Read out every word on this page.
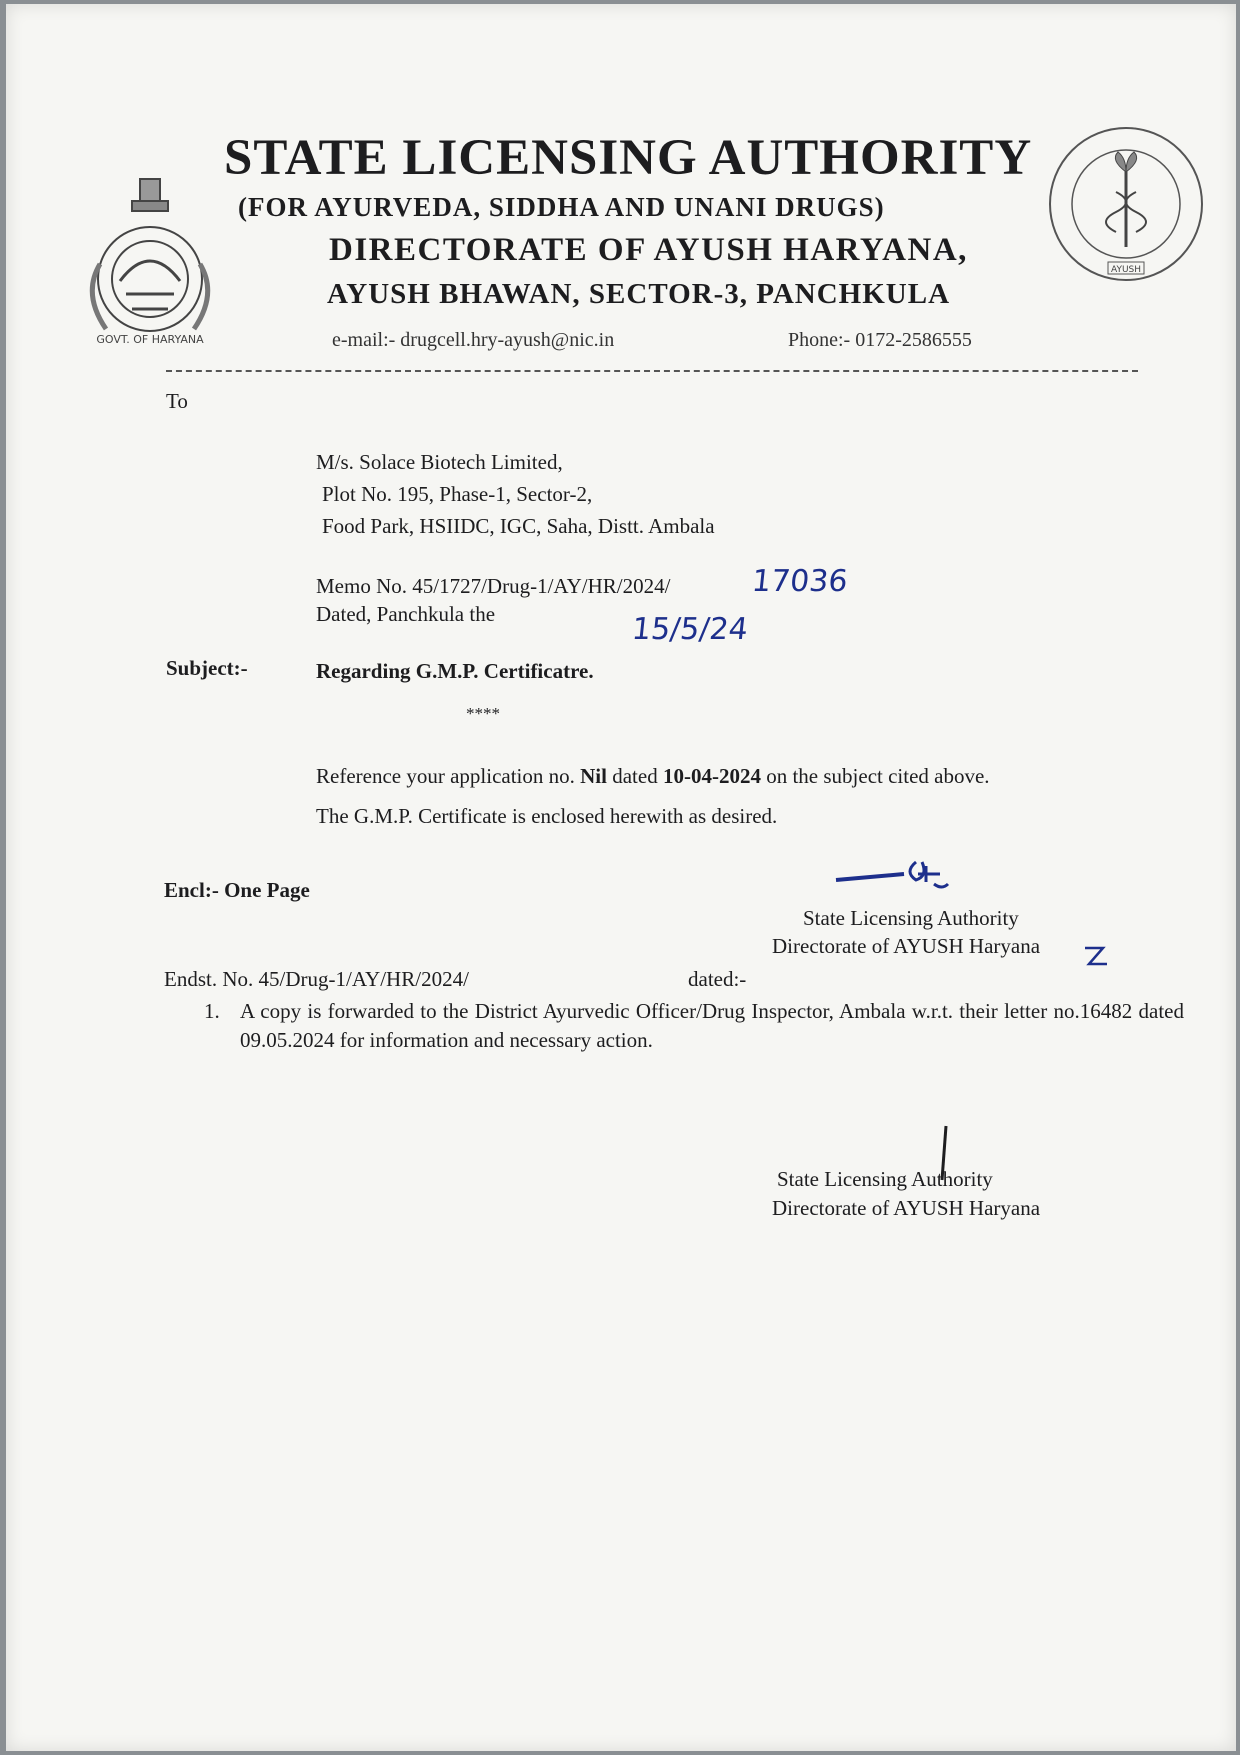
GOVT. OF HARYANA
AYUSH
STATE LICENSING AUTHORITY
(FOR AYURVEDA, SIDDHA AND UNANI DRUGS)
DIRECTORATE OF AYUSH HARYANA,
AYUSH BHAWAN, SECTOR-3, PANCHKULA
e-mail:- drugcell.hry-ayush@nic.in	Phone:- 0172-2586555
To
M/s. Solace Biotech Limited,
Plot No. 195, Phase-1, Sector-2,
Food Park, HSIIDC, IGC, Saha, Distt. Ambala
Memo No. 45/1727/Drug-1/AY/HR/2024/	17036
Dated, Panchkula the	15/5/24
Subject:-	Regarding G.M.P. Certificatre.
****
Reference your application no. Nil dated 10-04-2024 on the subject cited above.
The G.M.P. Certificate is enclosed herewith as desired.
Encl:- One Page
State Licensing Authority
Directorate of AYUSH Haryana
Endst. No. 45/Drug-1/AY/HR/2024/	dated:-
1. A copy is forwarded to the District Ayurvedic Officer/Drug Inspector, Ambala w.r.t. their letter no.16482 dated 09.05.2024 for information and necessary action.
State Licensing Authority
Directorate of AYUSH Haryana
